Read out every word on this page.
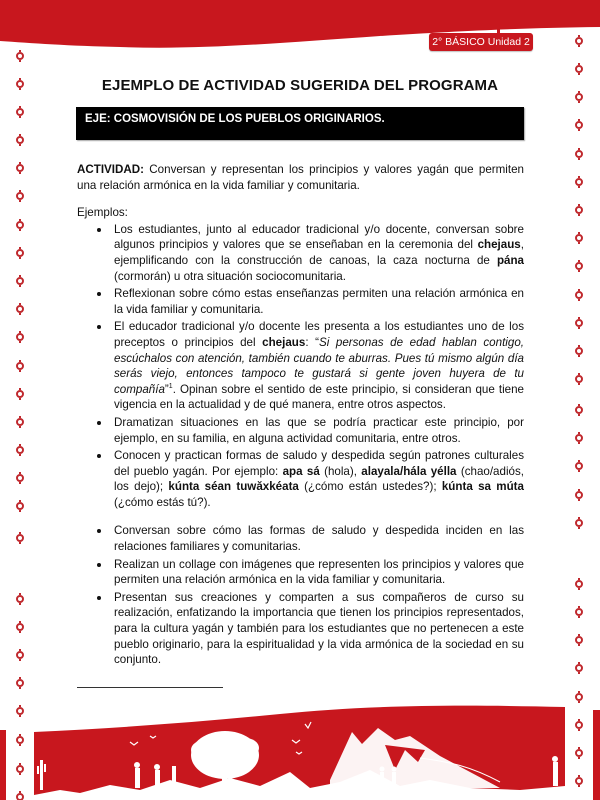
2° BÁSICO Unidad 2
EJEMPLO DE ACTIVIDAD SUGERIDA DEL PROGRAMA
EJE: COSMOVISIÓN DE LOS PUEBLOS ORIGINARIOS.

ACTIVIDAD: Conversan y representan los principios y valores yagán que permiten una relación armónica en la vida familiar y comunitaria.

Ejemplos:

Los estudiantes, junto al educador tradicional y/o docente, conversan sobre algunos principios y valores que se enseñaban en la ceremonia del chejaus, ejemplificando con la construcción de canoas, la caza nocturna de pána (cormorán) u otra situación sociocomunitaria.
Reflexionan sobre cómo estas enseñanzas permiten una relación armónica en la vida familiar y comunitaria.
El educador tradicional y/o docente les presenta a los estudiantes uno de los preceptos o principios del chejaus: “Si personas de edad hablan contigo, escúchalos con atención, también cuando te aburras. Pues tú mismo algún día serás viejo, entonces tampoco te gustará si gente joven huyera de tu compañía”$^1$. Opinan sobre el sentido de este principio, si consideran que tiene vigencia en la actualidad y de qué manera, entre otros aspectos.
Dramatizan situaciones en las que se podría practicar este principio, por ejemplo, en su familia, en alguna actividad comunitaria, entre otros.
Conocen y practican formas de saludo y despedida según patrones culturales del pueblo yagán. Por ejemplo: apa sá (hola), alayala/hála yélla (chao/adiós, los dejo); kúnta séan tuwăxkéata (¿cómo están ustedes?); kúnta sa múta (¿cómo estás tú?).
Conversan sobre cómo las formas de saludo y despedida inciden en las relaciones familiares y comunitarias.
Realizan un collage con imágenes que representen los principios y valores que permiten una relación armónica en la vida familiar y comunitaria.
Presentan sus creaciones y comparten a sus compañeros de curso su realización, enfatizando la importancia que tienen los principios representados, para la cultura yagán y también para los estudiantes que no pertenecen a este pueblo originario, para la espiritualidad y la vida armónica de la sociedad en su conjunto.
